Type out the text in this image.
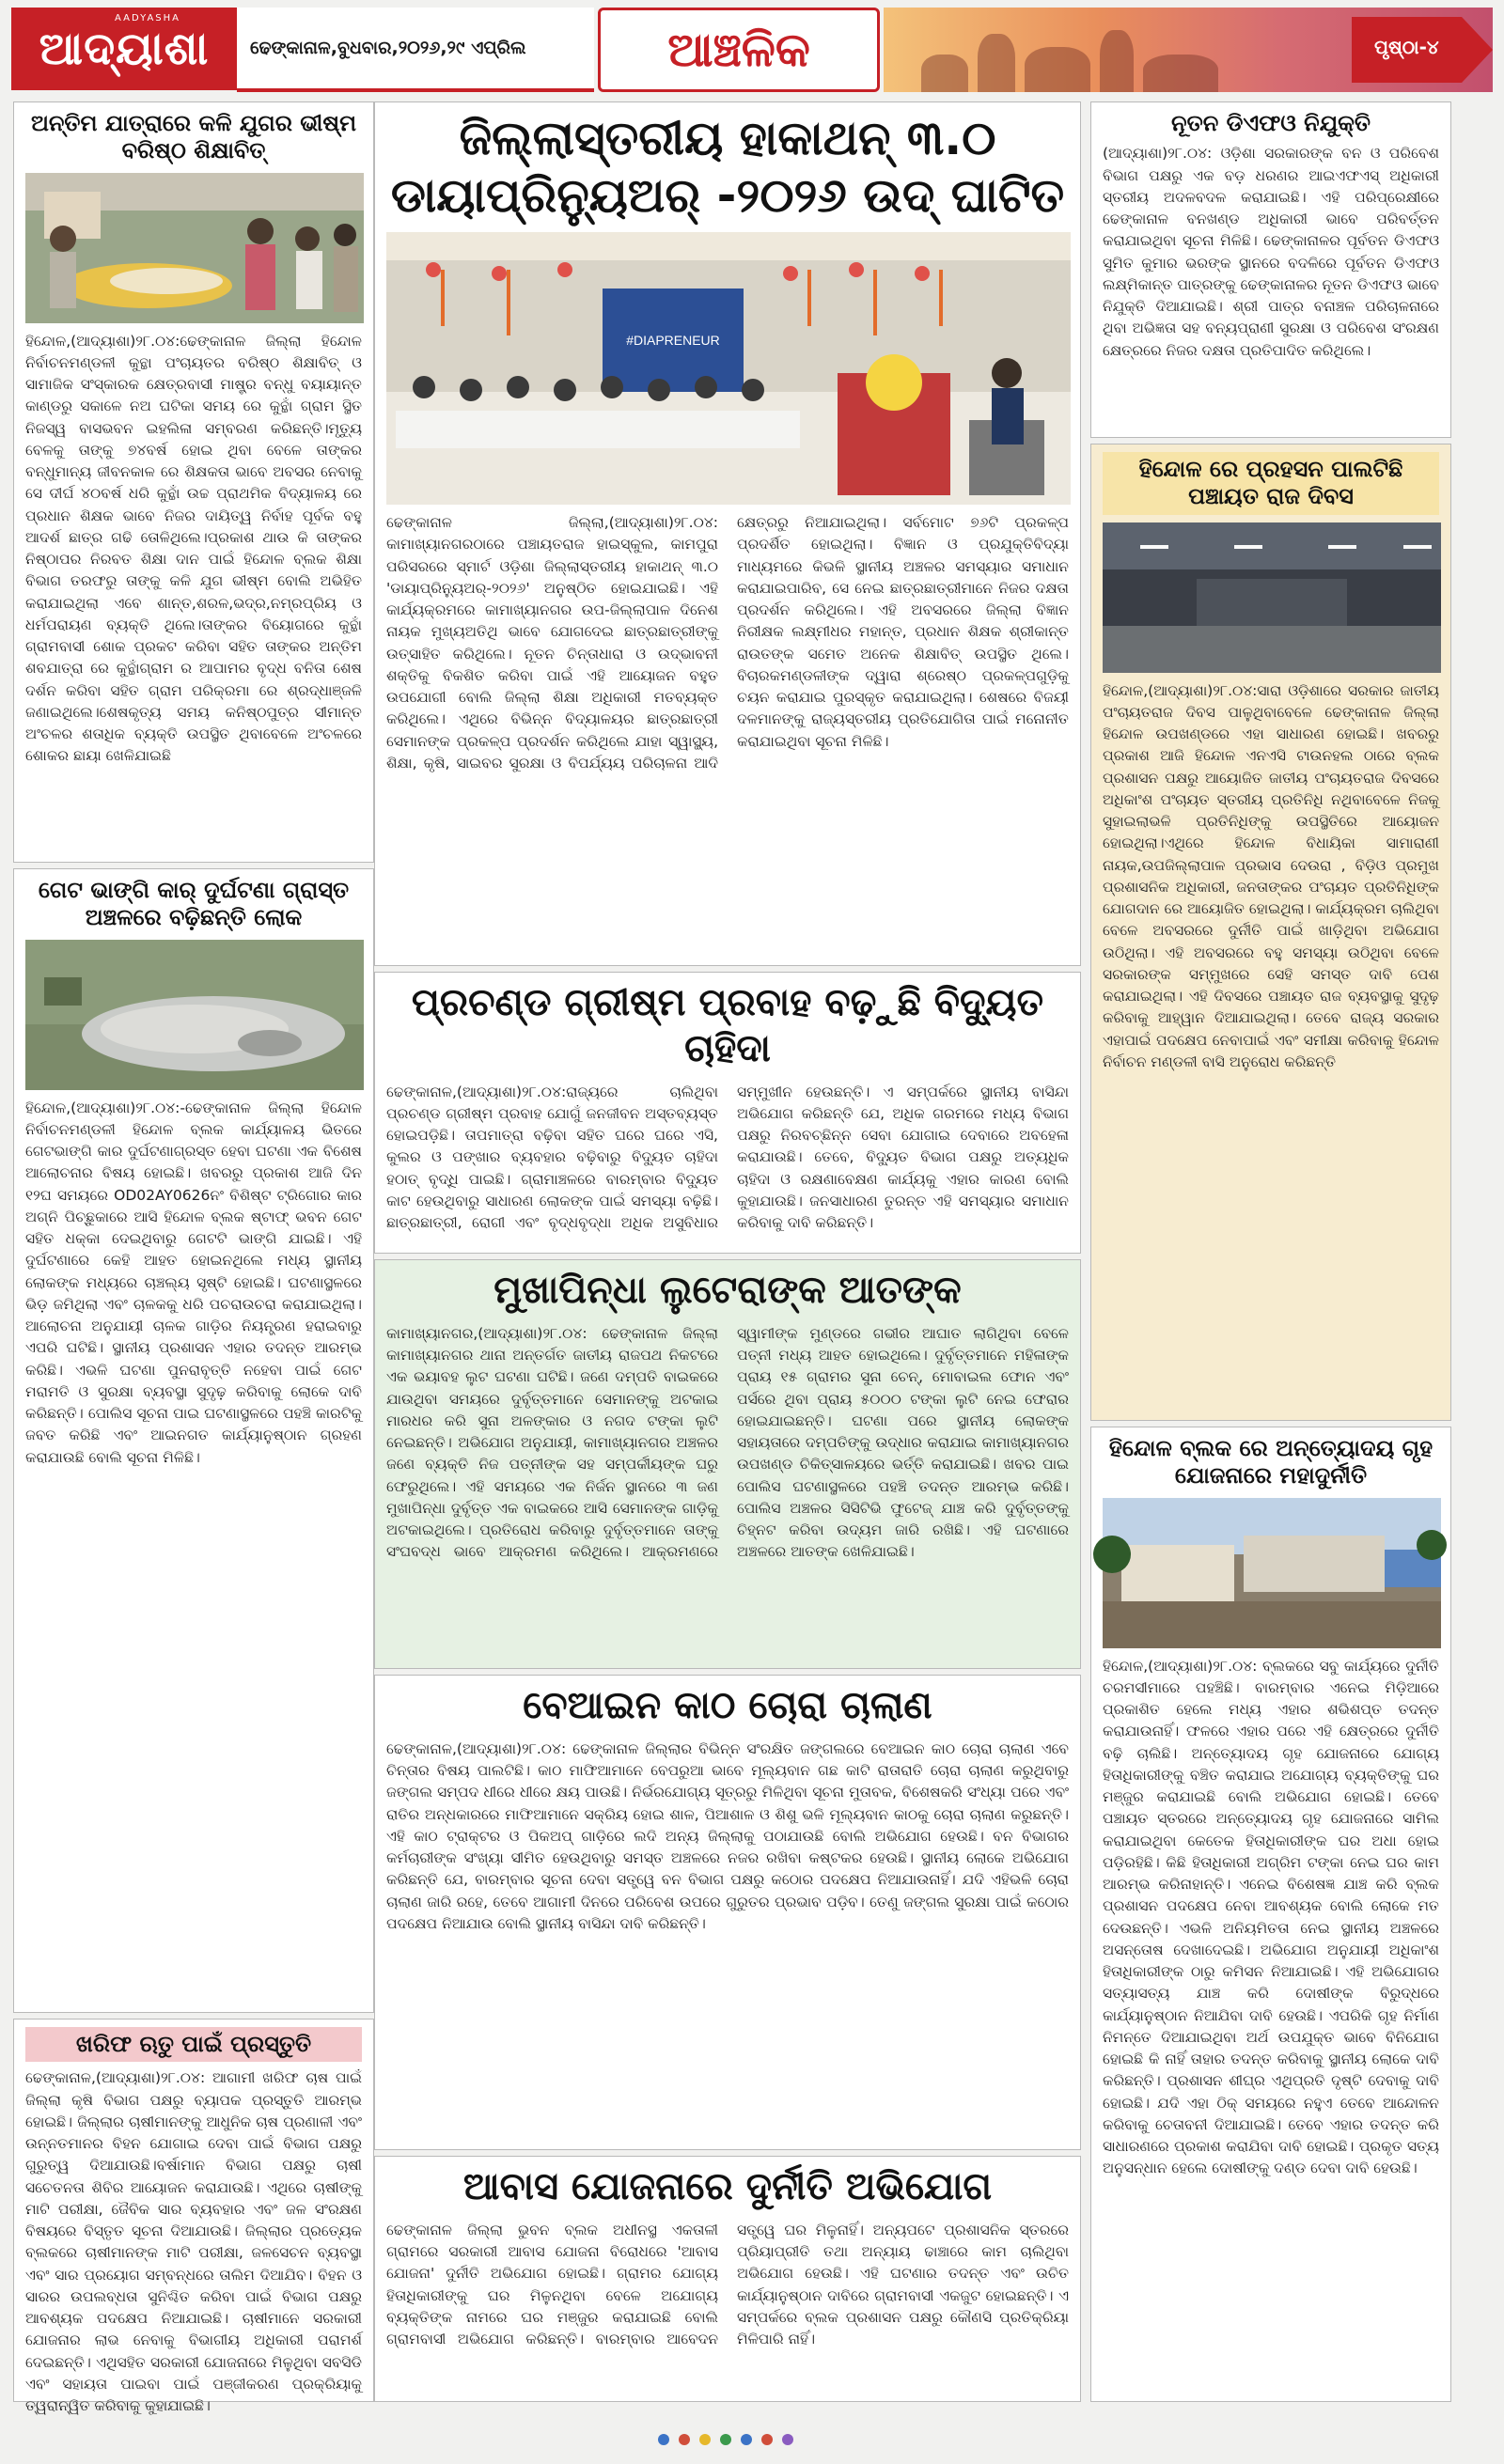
AADYASHA
ଆଦ୍ୟାଶା	ଢେଙ୍କାନାଳ,ବୁଧବାର,୨୦୨୬,୨୯ ଏପ୍ରିଲ	ଆଞ୍ଚଳିକ	ପୃଷ୍ଠା-୪
ଅନ୍ତିମ ଯାତ୍ରାରେ କଳି ଯୁଗର ଭୀଷ୍ମ ବରିଷ୍ଠ ଶିକ୍ଷାବିତ୍
ହିନ୍ଦୋଳ,(ଆଦ୍ୟାଶା)୨୮.୦୪:ଢେଙ୍କାନାଳ ଜିଲ୍ଲା ହିନ୍ଦୋଳ ନିର୍ବାଚନମଣ୍ଡଳୀ କୁନ୍ଥା ପଂଚାୟତର ବରିଷ୍ଠ ଶିକ୍ଷାବିତ୍ ଓ ସାମାଜିକ ସଂସ୍କାରକ କ୍ଷେତ୍ରବାସୀ ମାଷ୍ଟ୍ର ବନ୍ଧୁ ବୟାୟାନ୍ତ କାଣ୍ଡରୁ ସକାଳେ ନଅ ଘଟିକା ସମୟ ରେ କୁନ୍ଥାଁ ଗ୍ରାମ ସ୍ଥିତ ନିଜସ୍ୱ ବାସଭବନ ଇହଲିଳା ସମ୍ବରଣ କରିଛନ୍ତି।ମୃତ୍ୟୁ ବେଳକୁ ତାଙ୍କୁ ୭୪ବର୍ଷ ହୋଇ ଥିବା ବେଳେ ତାଙ୍କର ବନ୍ଧୁମାନ୍ୟ ଜୀବନକାଳ ରେ ଶିକ୍ଷକତା ଭାବେ ଅବସର ନେବାକୁ ସେ ଦୀର୍ଘ ୪୦ବର୍ଷ ଧରି କୁନ୍ଥାଁ ଉଚ୍ଚ ପ୍ରାଥମିକ ବିଦ୍ୟାଳୟ ରେ ପ୍ରଧାନ ଶିକ୍ଷକ ଭାବେ ନିଜର ଦାୟିତ୍ୱ ନିର୍ବାହ ପୂର୍ବକ ବହୁ ଆଦର୍ଶ ଛାତ୍ର ଗଢି ତୋଳିଥିଲେ।ପ୍ରକାଶ ଥାଉ କି ତାଙ୍କର ନିଷ୍ଠାପର ନିରବତ ଶିକ୍ଷା ଦାନ ପାଇଁ ହିନ୍ଦୋଳ ବ୍ଲକ ଶିକ୍ଷା ବିଭାଗ ତରଫରୁ ତାଙ୍କୁ କଳି ଯୁଗ ଭୀଷ୍ମ ବୋଲି ଅଭିହିତ କରାଯାଇଥିଲା ଏବେ ଶାନ୍ତ,ଶରଳ,ଭଦ୍ର,ନମ୍ରପ୍ରିୟ ଓ ଧର୍ମପରାୟଣ ବ୍ୟକ୍ତି ଥିଲେ।ତାଙ୍କର ବିୟୋଗରେ କୁନ୍ଥାଁ ଗ୍ରାମବାସୀ ଶୋକ ପ୍ରକଟ କରିବା ସହିତ ତାଙ୍କର ଅନ୍ତିମ ଶବଯାତ୍ରା ରେ କୁନ୍ଥାଁଗ୍ରାମ ର ଆପାମର ବୃଦ୍ଧ ବନିତା ଶେଷ ଦର୍ଶନ କରିବା ସହିତ ଗ୍ରାମ ପରିକ୍ରମା ରେ ଶ୍ରଦ୍ଧାଞ୍ଜଳି ଜଣାଇଥିଲେ।ଶେଷକୃତ୍ୟ ସମୟ କନିଷ୍ଠପୁତ୍ର ସୀମାନ୍ତ ଅଂଚଳର ଶତାଧିକ ବ୍ୟକ୍ତି ଉପସ୍ଥିତ ଥିବାବେଳେ ଅଂଚଳରେ ଶୋକର ଛାୟା ଖେଳିଯାଇଛି
ଗେଟ ଭାଙ୍ଗି କାର୍ ଦୁର୍ଘଟଣା ଗ୍ରାସ୍ତ ଅଞ୍ଚଳରେ ବଢ଼ିଛନ୍ତି ଲୋକ
ହିନ୍ଦୋଳ,(ଆଦ୍ୟାଶା)୨୮.୦୪:-ଢେଙ୍କାନାଳ ଜିଲ୍ଲା ହିନ୍ଦୋଳ ନିର୍ବାଚନମଣ୍ଡଳୀ ହିନ୍ଦୋଳ ବ୍ଲକ କାର୍ଯ୍ୟାଳୟ ଭିତରେ ଗେଟଭାଙ୍ଗି କାର ଦୁର୍ଘଟଣାଗ୍ରସ୍ତ ହେବା ଘଟଣା ଏକ ବିଶେଷ ଆଲୋଚନାର ବିଷୟ ହୋଇଛି। ଖବରରୁ ପ୍ରକାଶ ଆଜି ଦିନ ୧୨ଘ ସମୟରେ OD02AY0626ନଂ ବିଶିଷ୍ଟ ଟ୍ରିଗୋର କାର ଅଗ୍ନି ପିଚ୍ଛୁକାରେ ଆସି ହିନ୍ଦୋଳ ବ୍ଲକ ଷ୍ଟାଫ୍ ଭବନ ଗେଟ ସହିତ ଧକ୍କା ଦେଇଥିବାରୁ ଗେଟଟି ଭାଙ୍ଗି ଯାଇଛି। ଏହି ଦୁର୍ଘଟଣାରେ କେହି ଆହତ ହୋଇନଥିଲେ ମଧ୍ୟ ସ୍ଥାନୀୟ ଲୋକଙ୍କ ମଧ୍ୟରେ ଚାଞ୍ଚଲ୍ୟ ସୃଷ୍ଟି ହୋଇଛି। ଘଟଣାସ୍ଥଳରେ ଭିଡ଼ ଜମିଥିଲା ଏବଂ ଚାଳକକୁ ଧରି ପଚରାଉଚରା କରାଯାଇଥିଲା। ଆଲୋଚନା ଅନୁଯାୟୀ ଚାଳକ ଗାଡ଼ିର ନିୟନ୍ତ୍ରଣ ହରାଇବାରୁ ଏପରି ଘଟିଛି। ସ୍ଥାନୀୟ ପ୍ରଶାସନ ଏହାର ତଦନ୍ତ ଆରମ୍ଭ କରିଛି। ଏଭଳି ଘଟଣା ପୁନରାବୃତ୍ତି ନହେବା ପାଇଁ ଗେଟ ମରାମତି ଓ ସୁରକ୍ଷା ବ୍ୟବସ୍ଥା ସୁଦୃଢ଼ କରିବାକୁ ଲୋକେ ଦାବି କରିଛନ୍ତି। ପୋଲିସ ସୂଚନା ପାଇ ଘଟଣାସ୍ଥଳରେ ପହଞ୍ଚି କାରଟିକୁ ଜବତ କରିଛି ଏବଂ ଆଇନଗତ କାର୍ଯ୍ୟାନୁଷ୍ଠାନ ଗ୍ରହଣ କରାଯାଉଛି ବୋଲି ସୂଚନା ମିଳିଛି।
ଖରିଫ ଋତୁ ପାଇଁ ପ୍ରସ୍ତୁତି
ଢେଙ୍କାନାଳ,(ଆଦ୍ୟାଶା)୨୮.୦୪: ଆଗାମୀ ଖରିଫ ଚାଷ ପାଇଁ ଜିଲ୍ଲା କୃଷି ବିଭାଗ ପକ୍ଷରୁ ବ୍ୟାପକ ପ୍ରସ୍ତୁତି ଆରମ୍ଭ ହୋଇଛି। ଜିଲ୍ଲାର ଚାଷୀମାନଙ୍କୁ ଆଧୁନିକ ଚାଷ ପ୍ରଣାଳୀ ଏବଂ ଉନ୍ନତମାନର ବିହନ ଯୋଗାଇ ଦେବା ପାଇଁ ବିଭାଗ ପକ୍ଷରୁ ଗୁରୁତ୍ୱ ଦିଆଯାଉଛି।ବର୍ଷାମାନ ବିଭାଗ ପକ୍ଷରୁ ଚାଷୀ ସଚେତନତା ଶିବିର ଆୟୋଜନ କରାଯାଉଛି। ଏଥିରେ ଚାଷୀଙ୍କୁ ମାଟି ପରୀକ୍ଷା, ଜୈବିକ ସାର ବ୍ୟବହାର ଏବଂ ଜଳ ସଂରକ୍ଷଣ ବିଷୟରେ ବିସ୍ତୃତ ସୂଚନା ଦିଆଯାଉଛି। ଜିଲ୍ଲାର ପ୍ରତ୍ୟେକ ବ୍ଲକରେ ଚାଷୀମାନଙ୍କ ମାଟି ପରୀକ୍ଷା, ଜଳସେଚନ ବ୍ୟବସ୍ଥା ଏବଂ ସାର ପ୍ରୟୋଗ ସମ୍ବନ୍ଧରେ ତାଲିମ ଦିଆଯିବ। ବିହନ ଓ ସାରର ଉପଲବ୍ଧତା ସୁନିଶ୍ଚିତ କରିବା ପାଇଁ ବିଭାଗ ପକ୍ଷରୁ ଆବଶ୍ୟକ ପଦକ୍ଷେପ ନିଆଯାଇଛି। ଚାଷୀମାନେ ସରକାରୀ ଯୋଜନାର ଲାଭ ନେବାକୁ ବିଭାଗୀୟ ଅଧିକାରୀ ପରାମର୍ଶ ଦେଇଛନ୍ତି। ଏଥିସହିତ ସରକାରୀ ଯୋଜନାରେ ମିଳୁଥିବା ସବସିଡି ଏବଂ ସହାୟତା ପାଇବା ପାଇଁ ପଞ୍ଜୀକରଣ ପ୍ରକ୍ରିୟାକୁ ତ୍ୱରାନ୍ୱିତ କରିବାକୁ କୁହାଯାଇଛି।
ଜିଲ୍ଲାସ୍ତରୀୟ ହାକାଥନ୍ ୩.୦ ଡାୟାପ୍ରିନ୍ୟୁଅର୍ -୨୦୨୬ ଉଦ୍ ଘାଟିତ
#DIAPRENEUR
ଢେଙ୍କାନାଳ ଜିଲ୍ଲା,(ଆଦ୍ୟାଶା)୨୮.୦୪: କାମାଖ୍ୟାନଗରଠାରେ ପଞ୍ଚାୟତରାଜ ହାଇସ୍କୁଲ, କାମପୁରା ପରିସରରେ ସ୍ମାର୍ଟ ଓଡ଼ିଶା ଜିଲ୍ଲାସ୍ତରୀୟ ହାକାଥନ୍ ୩.୦ 'ଡାୟାପ୍ରିନ୍ୟୁଅର୍-୨୦୨୬' ଅନୁଷ୍ଠିତ ହୋଇଯାଇଛି। ଏହି କାର୍ଯ୍ୟକ୍ରମରେ କାମାଖ୍ୟାନଗର ଉପ-ଜିଲ୍ଲାପାଳ ଦିନେଶ ନାୟକ ମୁଖ୍ୟଅତିଥି ଭାବେ ଯୋଗଦେଇ ଛାତ୍ରଛାତ୍ରୀଙ୍କୁ ଉତ୍ସାହିତ କରିଥିଲେ। ନୂତନ ଚିନ୍ତାଧାରା ଓ ଉଦ୍ଭାବନୀ ଶକ୍ତିକୁ ବିକଶିତ କରିବା ପାଇଁ ଏହି ଆୟୋଜନ ବହୁତ ଉପଯୋଗୀ ବୋଲି ଜିଲ୍ଲା ଶିକ୍ଷା ଅଧିକାରୀ ମତବ୍ୟକ୍ତ କରିଥିଲେ। ଏଥିରେ ବିଭିନ୍ନ ବିଦ୍ୟାଳୟର ଛାତ୍ରଛାତ୍ରୀ ସେମାନଙ୍କ ପ୍ରକଳ୍ପ ପ୍ରଦର୍ଶନ କରିଥିଲେ ଯାହା ସ୍ୱାସ୍ଥ୍ୟ, ଶିକ୍ଷା, କୃଷି, ସାଇବର ସୁରକ୍ଷା ଓ ବିପର୍ଯ୍ୟୟ ପରିଚାଳନା ଆଦି କ୍ଷେତ୍ରରୁ ନିଆଯାଇଥିଲା। ସର୍ବମୋଟ ୭୬ଟି ପ୍ରକଳ୍ପ ପ୍ରଦର୍ଶିତ ହୋଇଥିଲା। ବିଜ୍ଞାନ ଓ ପ୍ରଯୁକ୍ତିବିଦ୍ୟା ମାଧ୍ୟମରେ କିଭଳି ସ୍ଥାନୀୟ ଅଞ୍ଚଳର ସମସ୍ୟାର ସମାଧାନ କରାଯାଇପାରିବ, ସେ ନେଇ ଛାତ୍ରଛାତ୍ରୀମାନେ ନିଜର ଦକ୍ଷତା ପ୍ରଦର୍ଶନ କରିଥିଲେ। ଏହି ଅବସରରେ ଜିଲ୍ଲା ବିଜ୍ଞାନ ନିରୀକ୍ଷକ ଲକ୍ଷ୍ମୀଧର ମହାନ୍ତ, ପ୍ରଧାନ ଶିକ୍ଷକ ଶ୍ରୀକାନ୍ତ ରାଉତଙ୍କ ସମେତ ଅନେକ ଶିକ୍ଷାବିତ୍ ଉପସ୍ଥିତ ଥିଲେ। ବିଚାରକମଣ୍ଡଳୀଙ୍କ ଦ୍ୱାରା ଶ୍ରେଷ୍ଠ ପ୍ରକଳ୍ପଗୁଡ଼ିକୁ ଚୟନ କରାଯାଇ ପୁରସ୍କୃତ କରାଯାଇଥିଲା। ଶେଷରେ ବିଜୟୀ ଦଳମାନଙ୍କୁ ରାଜ୍ୟସ୍ତରୀୟ ପ୍ରତିଯୋଗିତା ପାଇଁ ମନୋନୀତ କରାଯାଇଥିବା ସୂଚନା ମିଳିଛି।
ପ୍ରଚଣ୍ଡ ଗ୍ରୀଷ୍ମ ପ୍ରବାହ ବଢ଼ୁଛି ବିଦ୍ୟୁତ ଚାହିଦା
ଢେଙ୍କାନାଳ,(ଆଦ୍ୟାଶା)୨୮.୦୪:ରାଜ୍ୟରେ ଚାଲିଥିବା ପ୍ରଚଣ୍ଡ ଗ୍ରୀଷ୍ମ ପ୍ରବାହ ଯୋଗୁଁ ଜନଜୀବନ ଅସ୍ତବ୍ୟସ୍ତ ହୋଇପଡ଼ିଛି। ତାପମାତ୍ରା ବଢ଼ିବା ସହିତ ଘରେ ଘରେ ଏସି, କୁଲର ଓ ପଙ୍ଖାର ବ୍ୟବହାର ବଢ଼ିବାରୁ ବିଦ୍ୟୁତ ଚାହିଦା ହଠାତ୍ ବୃଦ୍ଧି ପାଇଛି। ଗ୍ରାମାଞ୍ଚଳରେ ବାରମ୍ବାର ବିଦ୍ୟୁତ କାଟ ହେଉଥିବାରୁ ସାଧାରଣ ଲୋକଙ୍କ ପାଇଁ ସମସ୍ୟା ବଢ଼ିଛି। ଛାତ୍ରଛାତ୍ରୀ, ରୋଗୀ ଏବଂ ବୃଦ୍ଧବୃଦ୍ଧା ଅଧିକ ଅସୁବିଧାର ସମ୍ମୁଖୀନ ହେଉଛନ୍ତି। ଏ ସମ୍ପର୍କରେ ସ୍ଥାନୀୟ ବାସିନ୍ଦା ଅଭିଯୋଗ କରିଛନ୍ତି ଯେ, ଅଧିକ ଗରମରେ ମଧ୍ୟ ବିଭାଗ ପକ୍ଷରୁ ନିରବଚ୍ଛିନ୍ନ ସେବା ଯୋଗାଇ ଦେବାରେ ଅବହେଳା କରାଯାଉଛି। ତେବେ, ବିଦ୍ୟୁତ ବିଭାଗ ପକ୍ଷରୁ ଅତ୍ୟଧିକ ଚାହିଦା ଓ ରକ୍ଷଣାବେକ୍ଷଣ କାର୍ଯ୍ୟକୁ ଏହାର କାରଣ ବୋଲି କୁହାଯାଉଛି। ଜନସାଧାରଣ ତୁରନ୍ତ ଏହି ସମସ୍ୟାର ସମାଧାନ କରିବାକୁ ଦାବି କରିଛନ୍ତି।
ମୁଖାପିନ୍ଧା ଲୁଟେରାଙ୍କ ଆତଙ୍କ
କାମାଖ୍ୟାନଗର,(ଆଦ୍ୟାଶା)୨୮.୦୪: ଢେଙ୍କାନାଳ ଜିଲ୍ଲା କାମାଖ୍ୟାନଗର ଥାନା ଅନ୍ତର୍ଗତ ଜାତୀୟ ରାଜପଥ ନିକଟରେ ଏକ ଭୟାବହ ଲୁଟ ଘଟଣା ଘଟିଛି। ଜଣେ ଦମ୍ପତି ବାଇକରେ ଯାଉଥିବା ସମୟରେ ଦୁର୍ବୃତ୍ତମାନେ ସେମାନଙ୍କୁ ଅଟକାଇ ମାରଧର କରି ସୁନା ଅଳଙ୍କାର ଓ ନଗଦ ଟଙ୍କା ଲୁଟି ନେଇଛନ୍ତି। ଅଭିଯୋଗ ଅନୁଯାୟୀ, କାମାଖ୍ୟାନଗର ଅଞ୍ଚଳର ଜଣେ ବ୍ୟକ୍ତି ନିଜ ପତ୍ନୀଙ୍କ ସହ ସମ୍ପର୍କୀୟଙ୍କ ଘରୁ ଫେରୁଥିଲେ। ଏହି ସମୟରେ ଏକ ନିର୍ଜନ ସ୍ଥାନରେ ୩ ଜଣ ମୁଖାପିନ୍ଧା ଦୁର୍ବୃତ୍ତ ଏକ ବାଇକରେ ଆସି ସେମାନଙ୍କ ଗାଡ଼ିକୁ ଅଟକାଇଥିଲେ। ପ୍ରତିରୋଧ କରିବାରୁ ଦୁର୍ବୃତ୍ତମାନେ ତାଙ୍କୁ ସଂଘବଦ୍ଧ ଭାବେ ଆକ୍ରମଣ କରିଥିଲେ। ଆକ୍ରମଣରେ ସ୍ୱାମୀଙ୍କ ମୁଣ୍ଡରେ ଗଭୀର ଆଘାତ ଲାଗିଥିବା ବେଳେ ପତ୍ନୀ ମଧ୍ୟ ଆହତ ହୋଇଥିଲେ। ଦୁର୍ବୃତ୍ତମାନେ ମହିଳାଙ୍କ ପ୍ରାୟ ୧୫ ଗ୍ରାମର ସୁନା ଚେନ୍, ମୋବାଇଲ ଫୋନ ଏବଂ ପର୍ସରେ ଥିବା ପ୍ରାୟ ୫୦୦୦ ଟଙ୍କା ଲୁଟି ନେଇ ଫେରାର ହୋଇଯାଇଛନ୍ତି। ଘଟଣା ପରେ ସ୍ଥାନୀୟ ଲୋକଙ୍କ ସହାୟତାରେ ଦମ୍ପତିଙ୍କୁ ଉଦ୍ଧାର କରାଯାଇ କାମାଖ୍ୟାନଗର ଉପଖଣ୍ଡ ଚିକିତ୍ସାଳୟରେ ଭର୍ତ୍ତି କରାଯାଇଛି। ଖବର ପାଇ ପୋଲିସ ଘଟଣାସ୍ଥଳରେ ପହଞ୍ଚି ତଦନ୍ତ ଆରମ୍ଭ କରିଛି। ପୋଲିସ ଅଞ୍ଚଳର ସିସିଟିଭି ଫୁଟେଜ୍ ଯାଞ୍ଚ କରି ଦୁର୍ବୃତ୍ତଙ୍କୁ ଚିହ୍ନଟ କରିବା ଉଦ୍ୟମ ଜାରି ରଖିଛି। ଏହି ଘଟଣାରେ ଅଞ୍ଚଳରେ ଆତଙ୍କ ଖେଳିଯାଇଛି।
ବେଆଇନ କାଠ ଚୋରା ଚାଲାଣ
ଢେଙ୍କାନାଳ,(ଆଦ୍ୟାଶା)୨୮.୦୪: ଢେଙ୍କାନାଳ ଜିଲ୍ଲାର ବିଭିନ୍ନ ସଂରକ୍ଷିତ ଜଙ୍ଗଲରେ ବେଆଇନ କାଠ ଚୋରା ଚାଲାଣ ଏବେ ଚିନ୍ତାର ବିଷୟ ପାଲଟିଛି। କାଠ ମାଫିଆମାନେ ବେପରୁଆ ଭାବେ ମୂଲ୍ୟବାନ ଗଛ କାଟି ରାତାରାତି ଚୋରା ଚାଲାଣ କରୁଥିବାରୁ ଜଙ୍ଗଲ ସମ୍ପଦ ଧୀରେ ଧୀରେ କ୍ଷୟ ପାଉଛି। ନିର୍ଭରଯୋଗ୍ୟ ସୂତ୍ରରୁ ମିଳିଥିବା ସୂଚନା ମୁତାବକ, ବିଶେଷକରି ସଂଧ୍ୟା ପରେ ଏବଂ ରାତିର ଅନ୍ଧକାରରେ ମାଫିଆମାନେ ସକ୍ରିୟ ହୋଇ ଶାଳ, ପିଆଶାଳ ଓ ଶିଶୁ ଭଳି ମୂଲ୍ୟବାନ କାଠକୁ ଚୋରା ଚାଲାଣ କରୁଛନ୍ତି। ଏହି କାଠ ଟ୍ରାକ୍ଟର ଓ ପିକଅପ୍ ଗାଡ଼ିରେ ଲଦି ଅନ୍ୟ ଜିଲ୍ଲାକୁ ପଠାଯାଉଛି ବୋଲି ଅଭିଯୋଗ ହେଉଛି। ବନ ବିଭାଗର କର୍ମଚାରୀଙ୍କ ସଂଖ୍ୟା ସୀମିତ ହେଉଥିବାରୁ ସମସ୍ତ ଅଞ୍ଚଳରେ ନଜର ରଖିବା କଷ୍ଟକର ହେଉଛି। ସ୍ଥାନୀୟ ଲୋକେ ଅଭିଯୋଗ କରିଛନ୍ତି ଯେ, ବାରମ୍ବାର ସୂଚନା ଦେବା ସତ୍ତ୍ୱେ ବନ ବିଭାଗ ପକ୍ଷରୁ କଠୋର ପଦକ୍ଷେପ ନିଆଯାଉନାହିଁ। ଯଦି ଏହିଭଳି ଚୋରା ଚାଲାଣ ଜାରି ରହେ, ତେବେ ଆଗାମୀ ଦିନରେ ପରିବେଶ ଉପରେ ଗୁରୁତର ପ୍ରଭାବ ପଡ଼ିବ। ତେଣୁ ଜଙ୍ଗଲ ସୁରକ୍ଷା ପାଇଁ କଠୋର ପଦକ୍ଷେପ ନିଆଯାଉ ବୋଲି ସ୍ଥାନୀୟ ବାସିନ୍ଦା ଦାବି କରିଛନ୍ତି।
ଆବାସ ଯୋଜନାରେ ଦୁର୍ନୀତି ଅଭିଯୋଗ
ଢେଙ୍କାନାଳ ଜିଲ୍ଲା ଭୁବନ ବ୍ଲକ ଅଧୀନସ୍ଥ ଏକତାଳୀ ଗ୍ରାମରେ ସରକାରୀ ଆବାସ ଯୋଜନା ବିରୋଧରେ 'ଆବାସ ଯୋଜନା' ଦୁର୍ନୀତି ଅଭିଯୋଗ ହୋଇଛି। ଗ୍ରାମର ଯୋଗ୍ୟ ହିତାଧିକାରୀଙ୍କୁ ଘର ମିଳୁନଥିବା ବେଳେ ଅଯୋଗ୍ୟ ବ୍ୟକ୍ତିଙ୍କ ନାମରେ ଘର ମଞ୍ଜୁର କରାଯାଇଛି ବୋଲି ଗ୍ରାମବାସୀ ଅଭିଯୋଗ କରିଛନ୍ତି। ବାରମ୍ବାର ଆବେଦନ ସତ୍ତ୍ୱେ ଘର ମିଳୁନାହିଁ। ଅନ୍ୟପଟେ ପ୍ରଶାସନିକ ସ୍ତରରେ ପ୍ରିୟାପ୍ରୀତି ତଥା ଅନ୍ୟାୟ ଢାଞ୍ଚାରେ କାମ ଚାଲିଥିବା ଅଭିଯୋଗ ହେଉଛି। ଏହି ଘଟଣାର ତଦନ୍ତ ଏବଂ ଉଚିତ କାର୍ଯ୍ୟାନୁଷ୍ଠାନ ଦାବିରେ ଗ୍ରାମବାସୀ ଏକଜୁଟ ହୋଇଛନ୍ତି। ଏ ସମ୍ପର୍କରେ ବ୍ଲକ ପ୍ରଶାସନ ପକ୍ଷରୁ କୌଣସି ପ୍ରତିକ୍ରିୟା ମିଳିପାରି ନାହିଁ।
ନୂତନ ଡିଏଫଓ ନିଯୁକ୍ତି
(ଆଦ୍ୟାଶା)୨୮.୦୪: ଓଡ଼ିଶା ସରକାରଙ୍କ ବନ ଓ ପରିବେଶ ବିଭାଗ ପକ୍ଷରୁ ଏକ ବଡ଼ ଧରଣର ଆଇଏଫଏସ୍ ଅଧିକାରୀ ସ୍ତରୀୟ ଅଦଳବଦଳ କରାଯାଇଛି। ଏହି ପରିପ୍ରେକ୍ଷୀରେ ଢେଙ୍କାନାଳ ବନଖଣ୍ଡ ଅଧିକାରୀ ଭାବେ ପରିବର୍ତ୍ତନ କରାଯାଇଥିବା ସୂଚନା ମିଳିଛି। ଢେଙ୍କାନାଳର ପୂର୍ବତନ ଡିଏଫଓ ସୁମିତ କୁମାର ଭରଙ୍କ ସ୍ଥାନରେ ବଦଳିରେ ପୂର୍ବତନ ଡିଏଫଓ ଲକ୍ଷ୍ମିକାନ୍ତ ପାତ୍ରଙ୍କୁ ଢେଙ୍କାନାଳର ନୂତନ ଡିଏଫଓ ଭାବେ ନିଯୁକ୍ତି ଦିଆଯାଇଛି। ଶ୍ରୀ ପାତ୍ର ବନାଞ୍ଚଳ ପରିଚାଳନାରେ ଥିବା ଅଭିଜ୍ଞତା ସହ ବନ୍ୟପ୍ରାଣୀ ସୁରକ୍ଷା ଓ ପରିବେଶ ସଂରକ୍ଷଣ କ୍ଷେତ୍ରରେ ନିଜର ଦକ୍ଷତା ପ୍ରତିପାଦିତ କରିଥିଲେ।
ହିନ୍ଦୋଳ ରେ ପ୍ରହସନ ପାଲଟିଛି ପଞ୍ଚାୟତ ରାଜ ଦିବସ
ହିନ୍ଦୋଳ,(ଆଦ୍ୟାଶା)୨୮.୦୪:ସାରା ଓଡ଼ିଶାରେ ସରକାର ଜାତୀୟ ପଂଚାୟତରାଜ ଦିବସ ପାଳୁଥିବାବେଳେ ଢେଙ୍କାନାଳ ଜିଲ୍ଲା ହିନ୍ଦୋଳ ଉପଖଣ୍ଡରେ ଏହା ସାଧାରଣ ହୋଇଛି। ଖବରରୁ ପ୍ରକାଶ ଆଜି ହିନ୍ଦୋଳ ଏନଏସି ଟାଉନହଲ ଠାରେ ବ୍ଲକ ପ୍ରଶାସନ ପକ୍ଷରୁ ଆୟୋଜିତ ଜାତୀୟ ପଂଚାୟତରାଜ ଦିବସରେ ଅଧିକାଂଶ ପଂଚାୟତ ସ୍ତରୀୟ ପ୍ରତିନିଧି ନଥିବାବେଳେ ନିଜକୁ ସୁହାଇଲାଭଳି ପ୍ରତିନିଧିଙ୍କୁ ଉପସ୍ଥିତିରେ ଆୟୋଜନ ହୋଇଥିଲା।ଏଥିରେ ହିନ୍ଦୋଳ ବିଧାୟିକା ସାମାରାଣୀ ନାୟକ,ଉପଜିଲ୍ଲାପାଳ ପ୍ରଭାସ ଦେଉରା , ବିଡ଼ିଓ ପ୍ରମୁଖ ପ୍ରଶାସନିକ ଅଧିକାରୀ, ଜନତାଙ୍କର ପଂଚାୟତ ପ୍ରତିନିଧିଙ୍କ ଯୋଗଦାନ ରେ ଆୟୋଜିତ ହୋଇଥିଲା। କାର୍ଯ୍ୟକ୍ରମ ଚାଲିଥିବା ବେଳେ ଅବସରରେ ଦୁର୍ନୀତି ପାଇଁ ଖାଡ଼ିଥିବା ଅଭିଯୋଗ ଉଠିଥିଲା। ଏହି ଅବସରରେ ବହୁ ସମସ୍ୟା ଉଠିଥିବା ବେଳେ ସରକାରଙ୍କ ସମ୍ମୁଖରେ ସେହି ସମସ୍ତ ଦାବି ପେଶ କରାଯାଇଥିଲା। ଏହି ଦିବସରେ ପଞ୍ଚାୟତ ରାଜ ବ୍ୟବସ୍ଥାକୁ ସୁଦୃଢ଼ କରିବାକୁ ଆହ୍ୱାନ ଦିଆଯାଇଥିଲା। ତେବେ ରାଜ୍ୟ ସରକାର ଏହାପାଇଁ ପଦକ୍ଷେପ ନେବାପାଇଁ ଏବଂ ସମୀକ୍ଷା କରିବାକୁ ହିନ୍ଦୋଳ ନିର୍ବାଚନ ମଣ୍ଡଳୀ ବାସି ଅନୁରୋଧ କରିଛନ୍ତି
ହିନ୍ଦୋଳ ବ୍ଲକ ରେ ଅନ୍ତ୍ୟୋଦୟ ଗୃହ ଯୋଜନାରେ ମହାଦୁର୍ନୀତି
ହିନ୍ଦୋଳ,(ଆଦ୍ୟାଶା)୨୮.୦୪: ବ୍ଲକରେ ସବୁ କାର୍ଯ୍ୟରେ ଦୁର୍ନୀତି ଚରମସୀମାରେ ପହଞ୍ଚିଛି। ବାରମ୍ବାର ଏନେଇ ମିଡ଼ିଆରେ ପ୍ରକାଶିତ ହେଲେ ମଧ୍ୟ ଏହାର ଶଭିଶପ୍ତ ତଦନ୍ତ କରାଯାଉନାହିଁ। ଫଳରେ ଏହାର ପରେ ଏହି କ୍ଷେତ୍ରରେ ଦୁର୍ନୀତି ବଢ଼ି ଚାଲିଛି। ଅନ୍ତ୍ୟୋଦୟ ଗୃହ ଯୋଜନାରେ ଯୋଗ୍ୟ ହିତାଧିକାରୀଙ୍କୁ ବଞ୍ଚିତ କରାଯାଇ ଅଯୋଗ୍ୟ ବ୍ୟକ୍ତିଙ୍କୁ ଘର ମଞ୍ଜୁର କରାଯାଇଛି ବୋଲି ଅଭିଯୋଗ ହୋଇଛି। ତେବେ ପଞ୍ଚାୟତ ସ୍ତରରେ ଅନ୍ତ୍ୟୋଦୟ ଗୃହ ଯୋଜନାରେ ସାମିଲ କରାଯାଇଥିବା କେତେକ ହିତାଧିକାରୀଙ୍କ ଘର ଅଧା ହୋଇ ପଡ଼ିରହିଛି। କିଛି ହିତାଧିକାରୀ ଅଗ୍ରିମ ଟଙ୍କା ନେଇ ଘର କାମ ଆରମ୍ଭ କରିନାହାନ୍ତି। ଏନେଇ ବିଶେଷଜ୍ଞ ଯାଞ୍ଚ କରି ବ୍ଲକ ପ୍ରଶାସନ ପଦକ୍ଷେପ ନେବା ଆବଶ୍ୟକ ବୋଲି ଲୋକେ ମତ ଦେଉଛନ୍ତି। ଏଭଳି ଅନିୟମିତତା ନେଇ ସ୍ଥାନୀୟ ଅଞ୍ଚଳରେ ଅସନ୍ତୋଷ ଦେଖାଦେଇଛି। ଅଭିଯୋଗ ଅନୁଯାୟୀ ଅଧିକାଂଶ ହିତାଧିକାରୀଙ୍କ ଠାରୁ କମିସନ ନିଆଯାଇଛି। ଏହି ଅଭିଯୋଗର ସତ୍ୟାସତ୍ୟ ଯାଞ୍ଚ କରି ଦୋଷୀଙ୍କ ବିରୁଦ୍ଧରେ କାର୍ଯ୍ୟାନୁଷ୍ଠାନ ନିଆଯିବା ଦାବି ହେଉଛି। ଏପରିକି ଗୃହ ନିର୍ମାଣ ନିମନ୍ତେ ଦିଆଯାଇଥିବା ଅର୍ଥ ଉପଯୁକ୍ତ ଭାବେ ବିନିଯୋଗ ହୋଇଛି କି ନାହିଁ ତାହାର ତଦନ୍ତ କରିବାକୁ ସ୍ଥାନୀୟ ଲୋକେ ଦାବି କରିଛନ୍ତି। ପ୍ରଶାସନ ଶୀଘ୍ର ଏଥିପ୍ରତି ଦୃଷ୍ଟି ଦେବାକୁ ଦାବି ହୋଇଛି। ଯଦି ଏହା ଠିକ୍ ସମୟରେ ନହୁଏ ତେବେ ଆନ୍ଦୋଳନ କରିବାକୁ ଚେତାବନୀ ଦିଆଯାଇଛି। ତେବେ ଏହାର ତଦନ୍ତ କରି ସାଧାରଣରେ ପ୍ରକାଶ କରାଯିବା ଦାବି ହୋଇଛି। ପ୍ରକୃତ ସତ୍ୟ ଅନୁସନ୍ଧାନ ହେଲେ ଦୋଷୀଙ୍କୁ ଦଣ୍ଡ ଦେବା ଦାବି ହେଉଛି।
